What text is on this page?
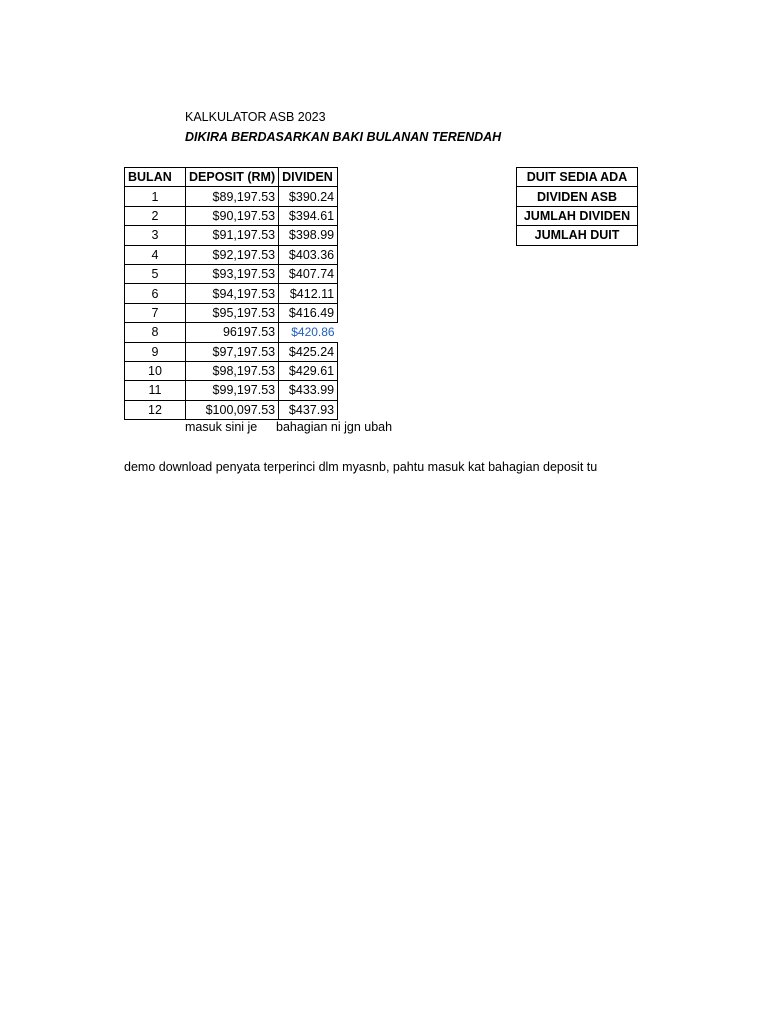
KALKULATOR ASB 2023
DIKIRA BERDASARKAN BAKI BULANAN TERENDAH
BULAN	DEPOSIT (RM)	DIVIDEN
1	$89,197.53	$390.24
2	$90,197.53	$394.61
3	$91,197.53	$398.99
4	$92,197.53	$403.36
5	$93,197.53	$407.74
6	$94,197.53	$412.11
7	$95,197.53	$416.49
8	96197.53	$420.86
9	$97,197.53	$425.24
10	$98,197.53	$429.61
11	$99,197.53	$433.99
12	$100,097.53	$437.93
DUIT SEDIA ADA
DIVIDEN ASB
JUMLAH DIVIDEN
JUMLAH DUIT
masuk sini je bahagian ni jgn ubah
demo download penyata terperinci dlm myasnb, pahtu masuk kat bahagian deposit tu
